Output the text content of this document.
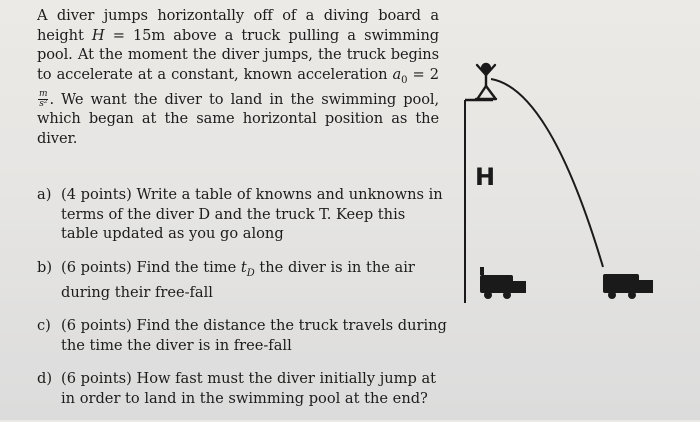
A diver jumps horizontally off of a diving board a height H = 15m above a truck pulling a swimming pool. At the moment the diver jumps, the truck begins to accelerate at a constant, known acceleration $a_0 = 2$
$\frac{m}{\text{s²}}$ . We want the diver to land in the swimming pool, which began at the same horizontal position as the diver.

a) (4 points) Write a table of knowns and unknowns in terms of the diver D and the truck T. Keep this table updated as you go along
b) (6 points) Find the time $t_D$ the diver is in the air during their free-fall
c) (6 points) Find the distance the truck travels during the time the diver is in free-fall
d) (6 points) How fast must the diver initially jump at in order to land in the swimming pool at the end?
H
